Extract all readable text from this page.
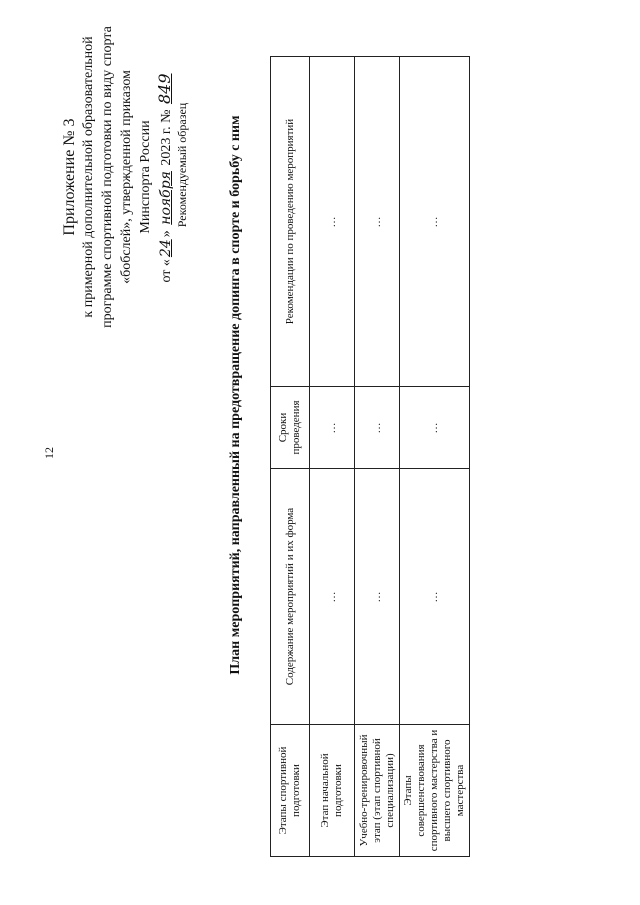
12
Приложение № 3 к примерной дополнительной образовательной программе спортивной подготовки по виду спорта «бобслей», утвержденной приказом Минспорта России
от «24» ноября 2023 г. № 849
Рекомендуемый образец	План мероприятий, направленный на предотвращение допинга в спорте и борьбу с ним
Этапы спортивной подготовки	Содержание мероприятий и их форма	Сроки проведения	Рекомендации по проведению мероприятий
Этап начальной подготовки	…	…	…
Учебно-тренировочный этап (этап спортивной специализации)	…	…	…
Этапы совершенствования спортивного мастерства и высшего спортивного мастерства	…	…	…
